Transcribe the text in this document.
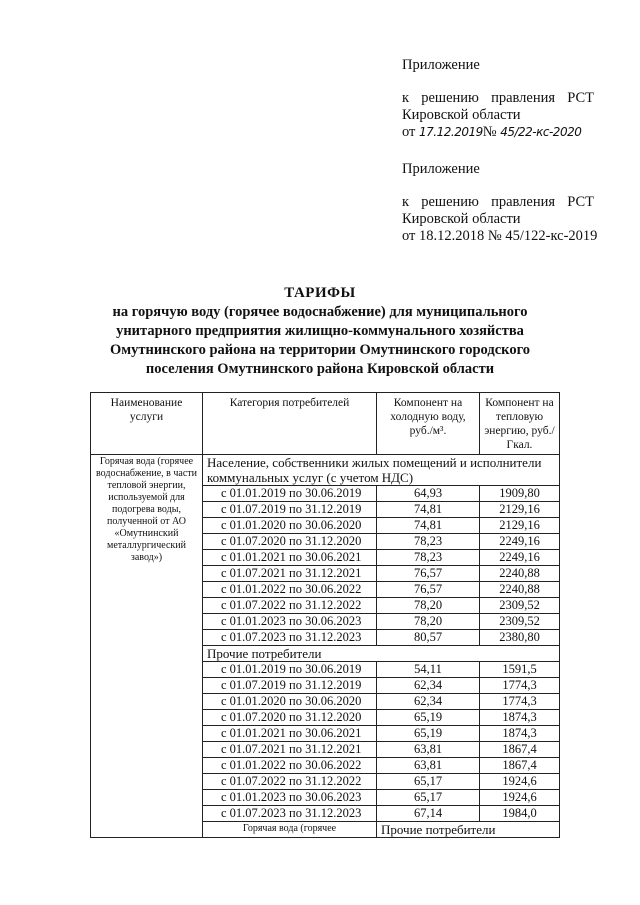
Приложение
к решению правления РСТ
Кировской области
от 17.12.2019№ 45/22-кс-2020
Приложение
к решению правления РСТ
Кировской области
от 18.12.2018 № 45/122-кс-2019
ТАРИФЫ
на горячую воду (горячее водоснабжение) для муниципального
унитарного предприятия жилищно-коммунального хозяйства
Омутнинского района на территории Омутнинского городского
поселения Омутнинского района Кировской области
Наименование услуги	Категория потребителей	Компонент на холодную воду, руб./м³.	Компонент на тепловую энергию, руб./Гкал.
Горячая вода (горячее водоснабжение, в части тепловой энергии, используемой для подогрева воды, полученной от АО «Омутнинский металлургический завод»)	Население, собственники жилых помещений и исполнители коммунальных услуг (с учетом НДС)		
	с 01.01.2019 по 30.06.2019	64,93	1909,80
	с 01.07.2019 по 31.12.2019	74,81	2129,16
	с 01.01.2020 по 30.06.2020	74,81	2129,16
	с 01.07.2020 по 31.12.2020	78,23	2249,16
	с 01.01.2021 по 30.06.2021	78,23	2249,16
	с 01.07.2021 по 31.12.2021	76,57	2240,88
	с 01.01.2022 по 30.06.2022	76,57	2240,88
	с 01.07.2022 по 31.12.2022	78,20	2309,52
	с 01.01.2023 по 30.06.2023	78,20	2309,52
	с 01.07.2023 по 31.12.2023	80,57	2380,80
	Прочие потребители		
	с 01.01.2019 по 30.06.2019	54,11	1591,5
	с 01.07.2019 по 31.12.2019	62,34	1774,3
	с 01.01.2020 по 30.06.2020	62,34	1774,3
	с 01.07.2020 по 31.12.2020	65,19	1874,3
	с 01.01.2021 по 30.06.2021	65,19	1874,3
	с 01.07.2021 по 31.12.2021	63,81	1867,4
	с 01.01.2022 по 30.06.2022	63,81	1867,4
	с 01.07.2022 по 31.12.2022	65,17	1924,6
	с 01.01.2023 по 30.06.2023	65,17	1924,6
	с 01.07.2023 по 31.12.2023	67,14	1984,0
	Горячая вода (горячее	Прочие потребители	
